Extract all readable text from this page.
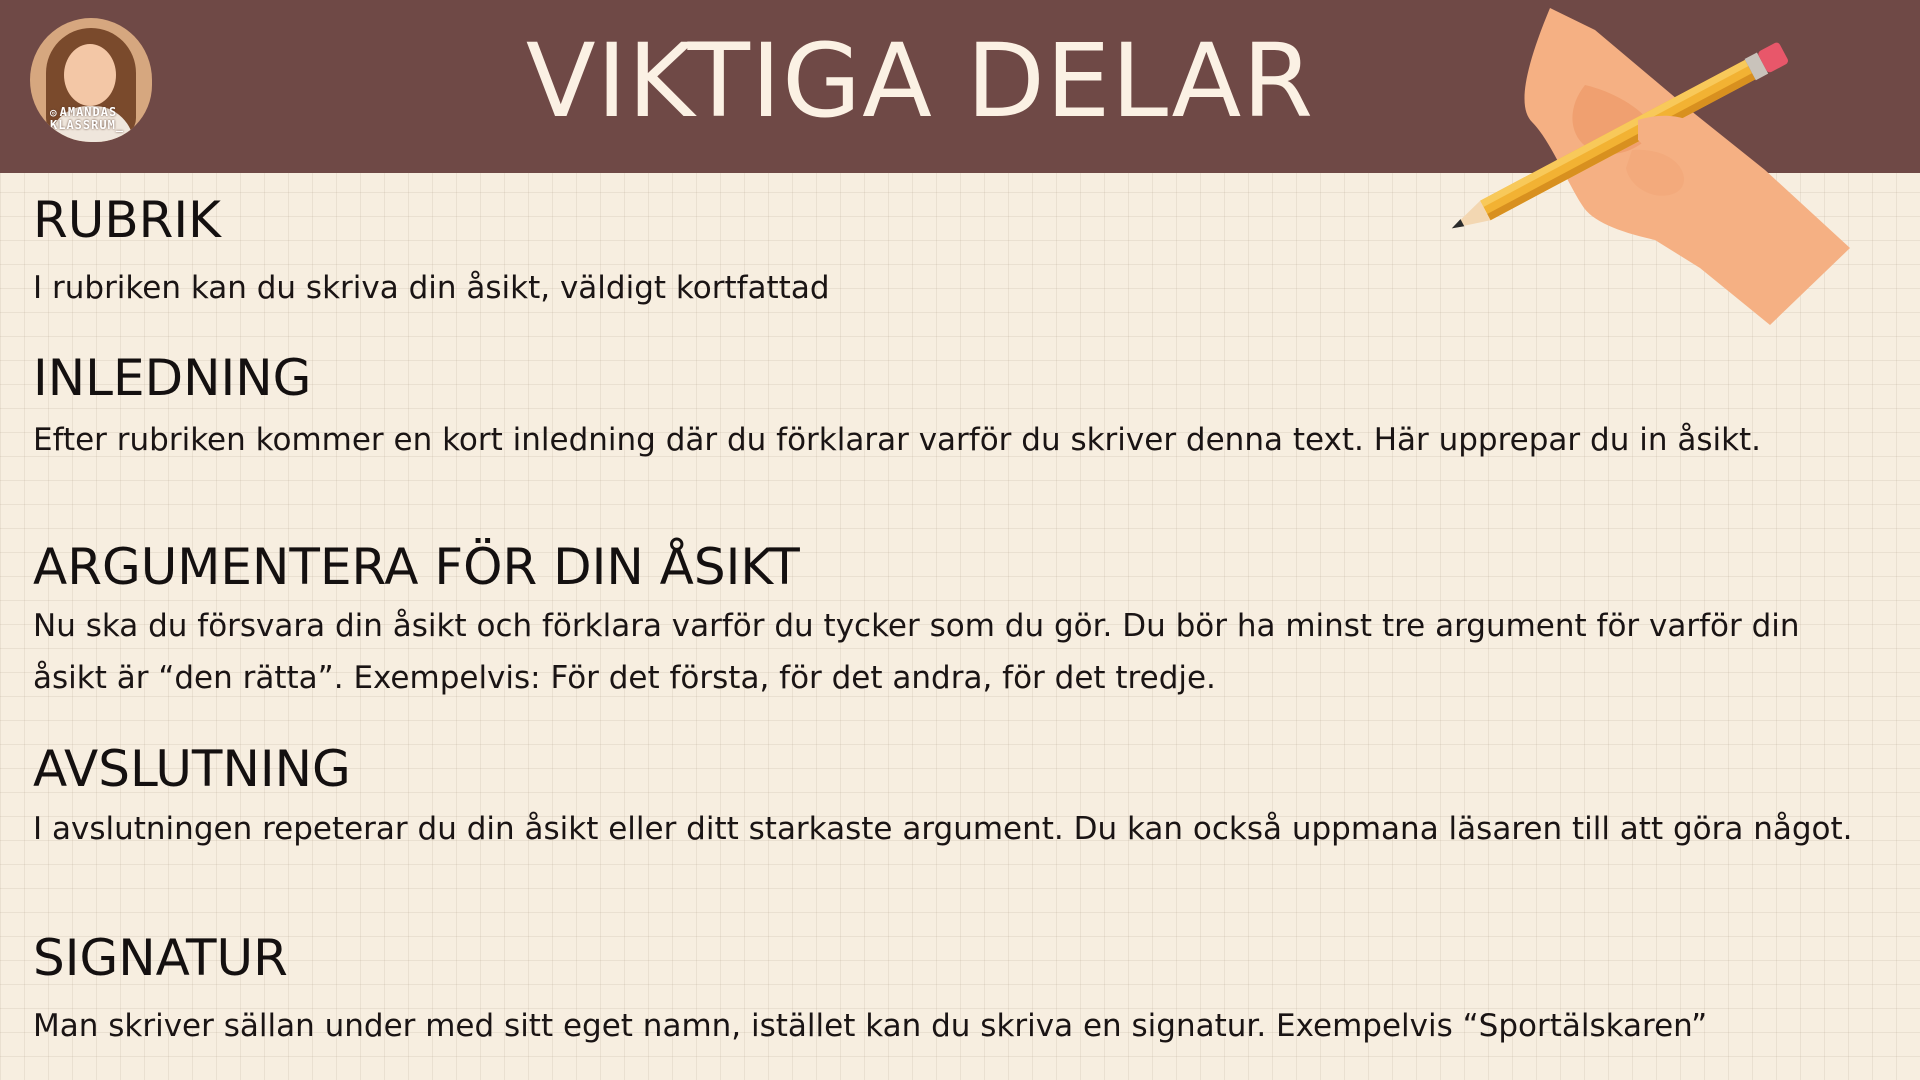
◎ AMANDAS
KLASSRUM_	VIKTIGA DELAR
RUBRIK

I rubriken kan du skriva din åsikt, väldigt kortfattad

INLEDNING

Efter rubriken kommer en kort inledning där du förklarar varför du skriver denna text. Här upprepar du in åsikt.

ARGUMENTERA FÖR DIN ÅSIKT

Nu ska du försvara din åsikt och förklara varför du tycker som du gör. Du bör ha minst tre argument för varför din åsikt är “den rätta”. Exempelvis: För det första, för det andra, för det tredje.

AVSLUTNING

I avslutningen repeterar du din åsikt eller ditt starkaste argument. Du kan också uppmana läsaren till att göra något.

SIGNATUR

Man skriver sällan under med sitt eget namn, istället kan du skriva en signatur. Exempelvis “Sportälskaren”
